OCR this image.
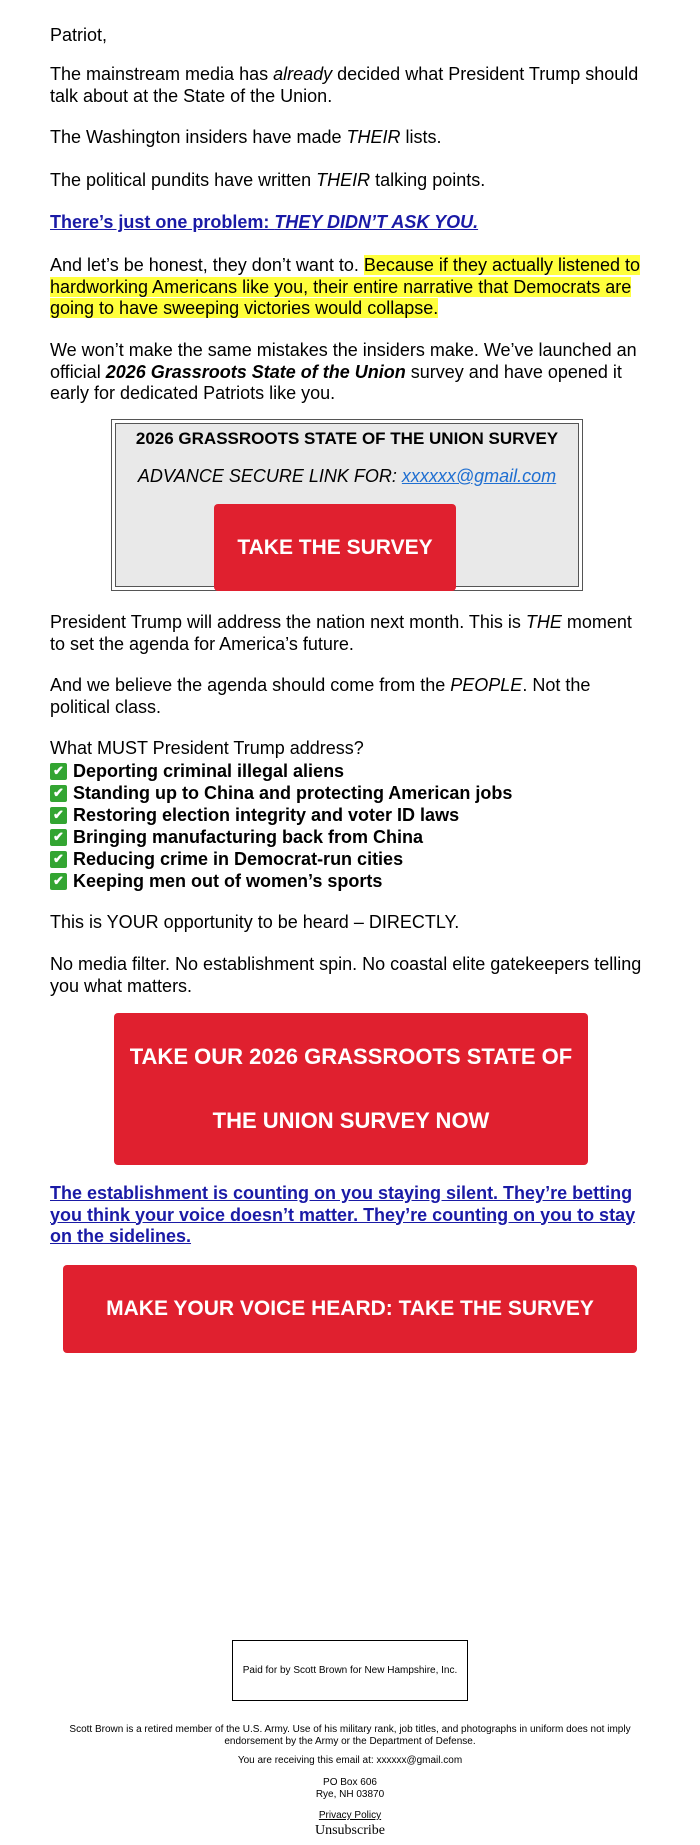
Patriot,

The mainstream media has already decided what President Trump should talk about at the State of the Union.

The Washington insiders have made THEIR lists.

The political pundits have written THEIR talking points.

There’s just one problem: THEY DIDN’T ASK YOU.

And let’s be honest, they don’t want to. Because if they actually listened to hardworking Americans like you, their entire narrative that Democrats are going to have sweeping victories would collapse.

We won’t make the same mistakes the insiders make. We’ve launched an official 2026 Grassroots State of the Union survey and have opened it early for dedicated Patriots like you.

2026 GRASSROOTS STATE OF THE UNION SURVEY
ADVANCE SECURE LINK FOR: xxxxxx@gmail.com
TAKE THE SURVEY

President Trump will address the nation next month. This is THE moment to set the agenda for America’s future.

And we believe the agenda should come from the PEOPLE. Not the political class.

What MUST President Trump address?

✔ Deporting criminal illegal aliens
✔ Standing up to China and protecting American jobs
✔ Restoring election integrity and voter ID laws
✔ Bringing manufacturing back from China
✔ Reducing crime in Democrat-run cities
✔ Keeping men out of women’s sports

This is YOUR opportunity to be heard – DIRECTLY.

No media filter. No establishment spin. No coastal elite gatekeepers telling you what matters.

TAKE OUR 2026 GRASSROOTS STATE OF
THE UNION SURVEY NOW

The establishment is counting on you staying silent. They’re betting you think your voice doesn’t matter. They’re counting on you to stay on the sidelines.

MAKE YOUR VOICE HEARD: TAKE THE SURVEY
Paid for by Scott Brown for New Hampshire, Inc.
Scott Brown is a retired member of the U.S. Army. Use of his military rank, job titles, and photographs in uniform does not imply endorsement by the Army or the Department of Defense.
You are receiving this email at: xxxxxx@gmail.com
PO Box 606
Rye, NH 03870
Privacy Policy
Unsubscribe
